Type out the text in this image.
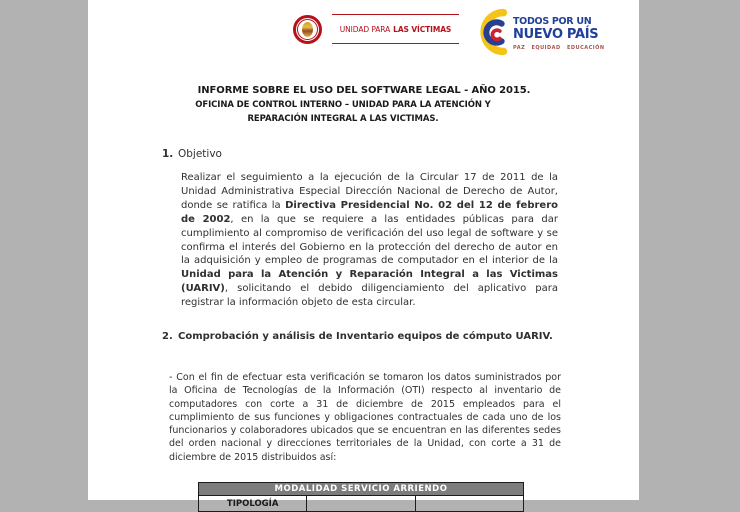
UNIDAD PARA LAS VÍCTIMAS
TODOS POR UN
NUEVO PAÍS
PAZ EQUIDAD EDUCACIÓN
INFORME SOBRE EL USO DEL SOFTWARE LEGAL - AÑO 2015.
OFICINA DE CONTROL INTERNO – UNIDAD PARA LA ATENCIÓN Y
REPARACIÓN INTEGRAL A LAS VICTIMAS.
1. Objetivo

Realizar el seguimiento a la ejecución de la Circular 17 de 2011 de la Unidad Administrativa Especial Dirección Nacional de Derecho de Autor, donde se ratifica la Directiva Presidencial No. 02 del 12 de febrero de 2002, en la que se requiere a las entidades públicas para dar cumplimiento al compromiso de verificación del uso legal de software y se confirma el interés del Gobierno en la protección del derecho de autor en la adquisición y empleo de programas de computador en el interior de la Unidad para la Atención y Reparación Integral a las Victimas (UARIV), solicitando el debido diligenciamiento del aplicativo para registrar la información objeto de esta circular.

2. Comprobación y análisis de Inventario equipos de cómputo UARIV.

- Con el fin de efectuar esta verificación se tomaron los datos suministrados por la Oficina de Tecnologías de la Información (OTI) respecto al inventario de computadores con corte a 31 de diciembre de 2015 empleados para el cumplimiento de sus funciones y obligaciones contractuales de cada uno de los funcionarios y colaboradores ubicados que se encuentran en las diferentes sedes del orden nacional y direcciones territoriales de la Unidad, con corte a 31 de diciembre de 2015 distribuidos así:

MODALIDAD SERVICIO ARRIENDO
TIPOLOGÍA		
